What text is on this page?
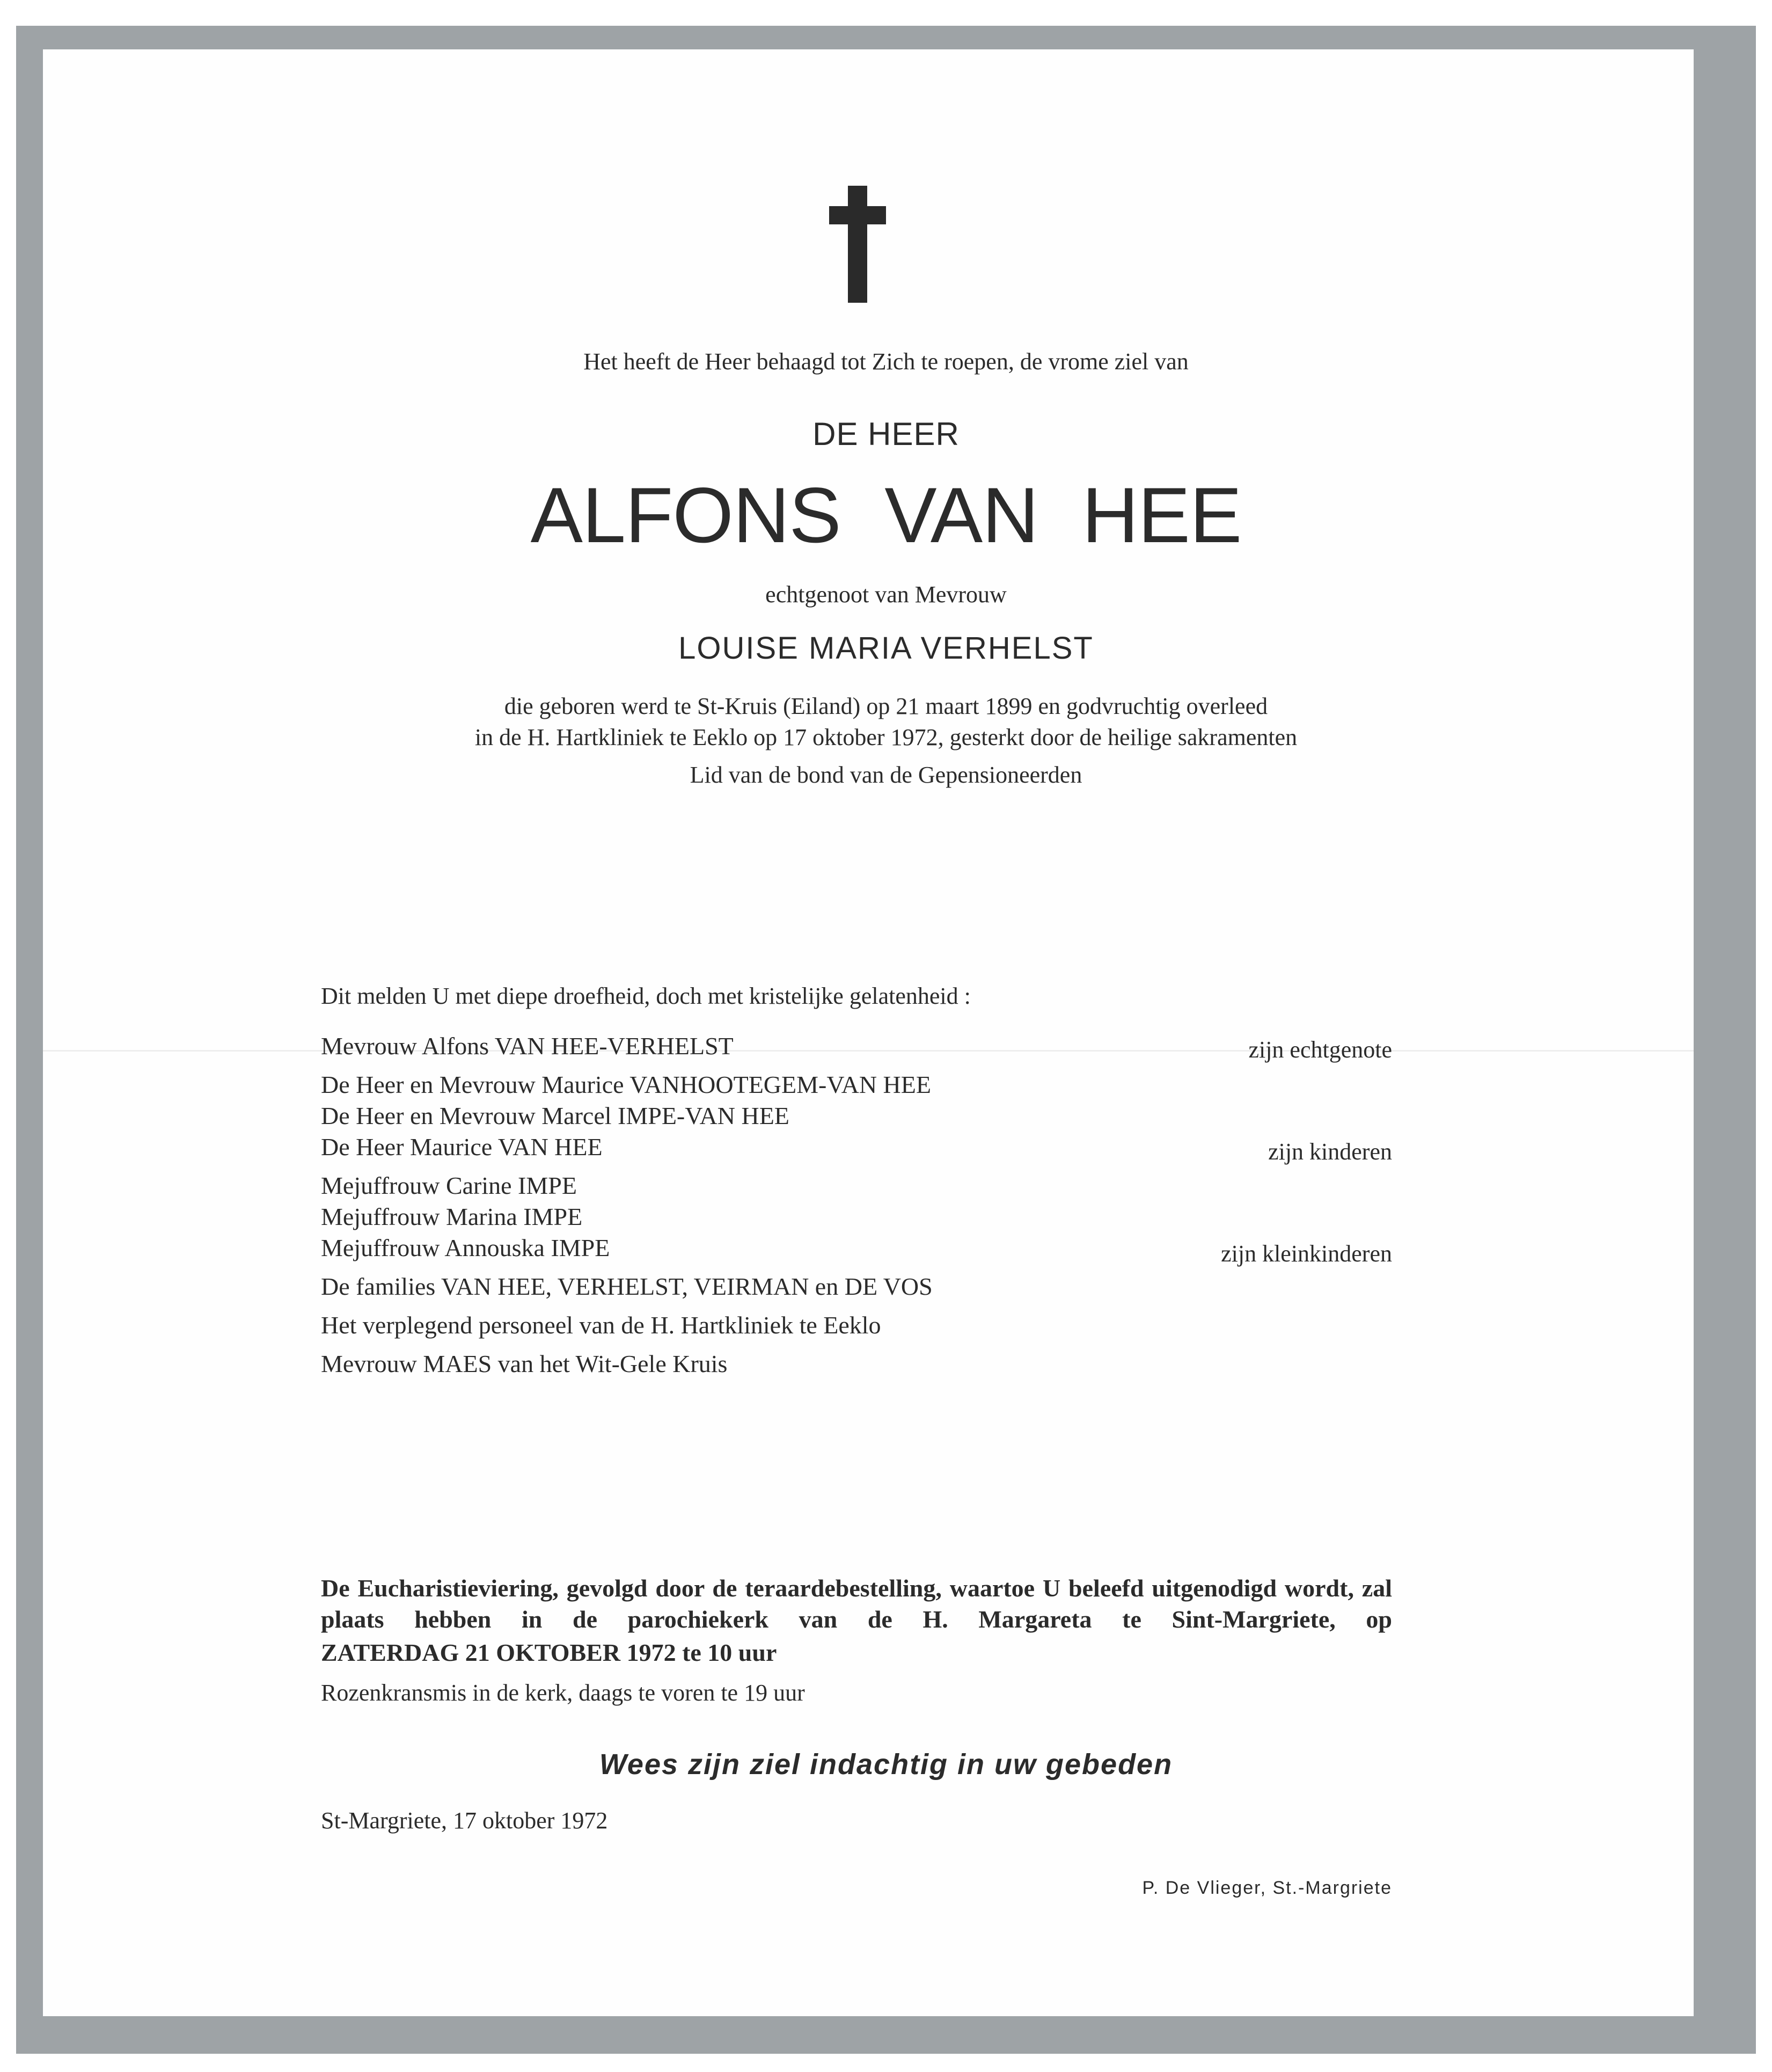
Het heeft de Heer behaagd tot Zich te roepen, de vrome ziel van
DE HEER
ALFONS VAN HEE
echtgenoot van Mevrouw
LOUISE MARIA VERHELST
die geboren werd te St-Kruis (Eiland) op 21 maart 1899 en godvruchtig overleed
in de H. Hartkliniek te Eeklo op 17 oktober 1972, gesterkt door de heilige sakramenten
Lid van de bond van de Gepensioneerden
Dit melden U met diepe droefheid, doch met kristelijke gelatenheid :
Mevrouw Alfons VAN HEE-VERHELST
De Heer en Mevrouw Maurice VANHOOTEGEM-VAN HEE
De Heer en Mevrouw Marcel IMPE-VAN HEE
De Heer Maurice VAN HEE
Mejuffrouw Carine IMPE
Mejuffrouw Marina IMPE
Mejuffrouw Annouska IMPE
De families VAN HEE, VERHELST, VEIRMAN en DE VOS
Het verplegend personeel van de H. Hartkliniek te Eeklo
Mevrouw MAES van het Wit-Gele Kruis
zijn echtgenote
zijn kinderen
zijn kleinkinderen
De Eucharistieviering, gevolgd door de teraardebestelling, waartoe U beleefd uitgenodigd wordt, zal plaats hebben in de parochiekerk van de H. Margareta te Sint-Margriete, op
ZATERDAG 21 OKTOBER 1972 te 10 uur
Rozenkransmis in de kerk, daags te voren te 19 uur
Wees zijn ziel indachtig in uw gebeden
St-Margriete, 17 oktober 1972
P. De Vlieger, St.-Margriete
